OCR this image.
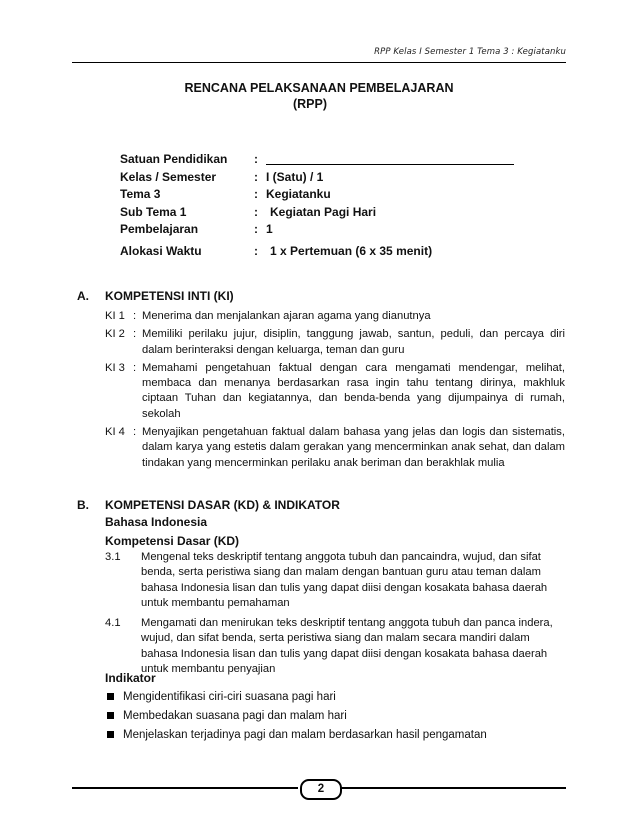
RPP Kelas I Semester 1 Tema 3 : Kegiatanku
RENCANA PELAKSANAAN PEMBELAJARAN
(RPP)
Satuan Pendidikan	:
Kelas / Semester	: I (Satu) / 1
Tema 3	: Kegiatanku
Sub Tema 1	:	Kegiatan Pagi Hari
Pembelajaran	: 1
Alokasi Waktu	:	1 x Pertemuan (6 x 35 menit)
A. KOMPETENSI INTI (KI)
KI 1 : Menerima dan menjalankan ajaran agama yang dianutnya
KI 2 : Memiliki perilaku jujur, disiplin, tanggung jawab, santun, peduli, dan percaya diri dalam berinteraksi dengan keluarga, teman dan guru
KI 3 : Memahami pengetahuan faktual dengan cara mengamati mendengar, melihat, membaca dan menanya berdasarkan rasa ingin tahu tentang dirinya, makhluk ciptaan Tuhan dan kegiatannya, dan benda-benda yang dijumpainya di rumah, sekolah
KI 4 : Menyajikan pengetahuan faktual dalam bahasa yang jelas dan logis dan sistematis, dalam karya yang estetis dalam gerakan yang mencerminkan anak sehat, dan dalam tindakan yang mencerminkan perilaku anak beriman dan berakhlak mulia
B. KOMPETENSI DASAR (KD) & INDIKATOR
Bahasa Indonesia
Kompetensi Dasar (KD)
3.1	Mengenal teks deskriptif tentang anggota tubuh dan pancaindra, wujud, dan sifat benda, serta peristiwa siang dan malam dengan bantuan guru atau teman dalam bahasa Indonesia lisan dan tulis yang dapat diisi dengan kosakata bahasa daerah untuk membantu pemahaman
4.1	Mengamati dan menirukan teks deskriptif tentang anggota tubuh dan panca indera, wujud, dan sifat benda, serta peristiwa siang dan malam secara mandiri dalam bahasa Indonesia lisan dan tulis yang dapat diisi dengan kosakata bahasa daerah untuk membantu penyajian
Indikator
Mengidentifikasi ciri-ciri suasana pagi hari
Membedakan suasana pagi dan malam hari
Menjelaskan terjadinya pagi dan malam berdasarkan hasil pengamatan
2
